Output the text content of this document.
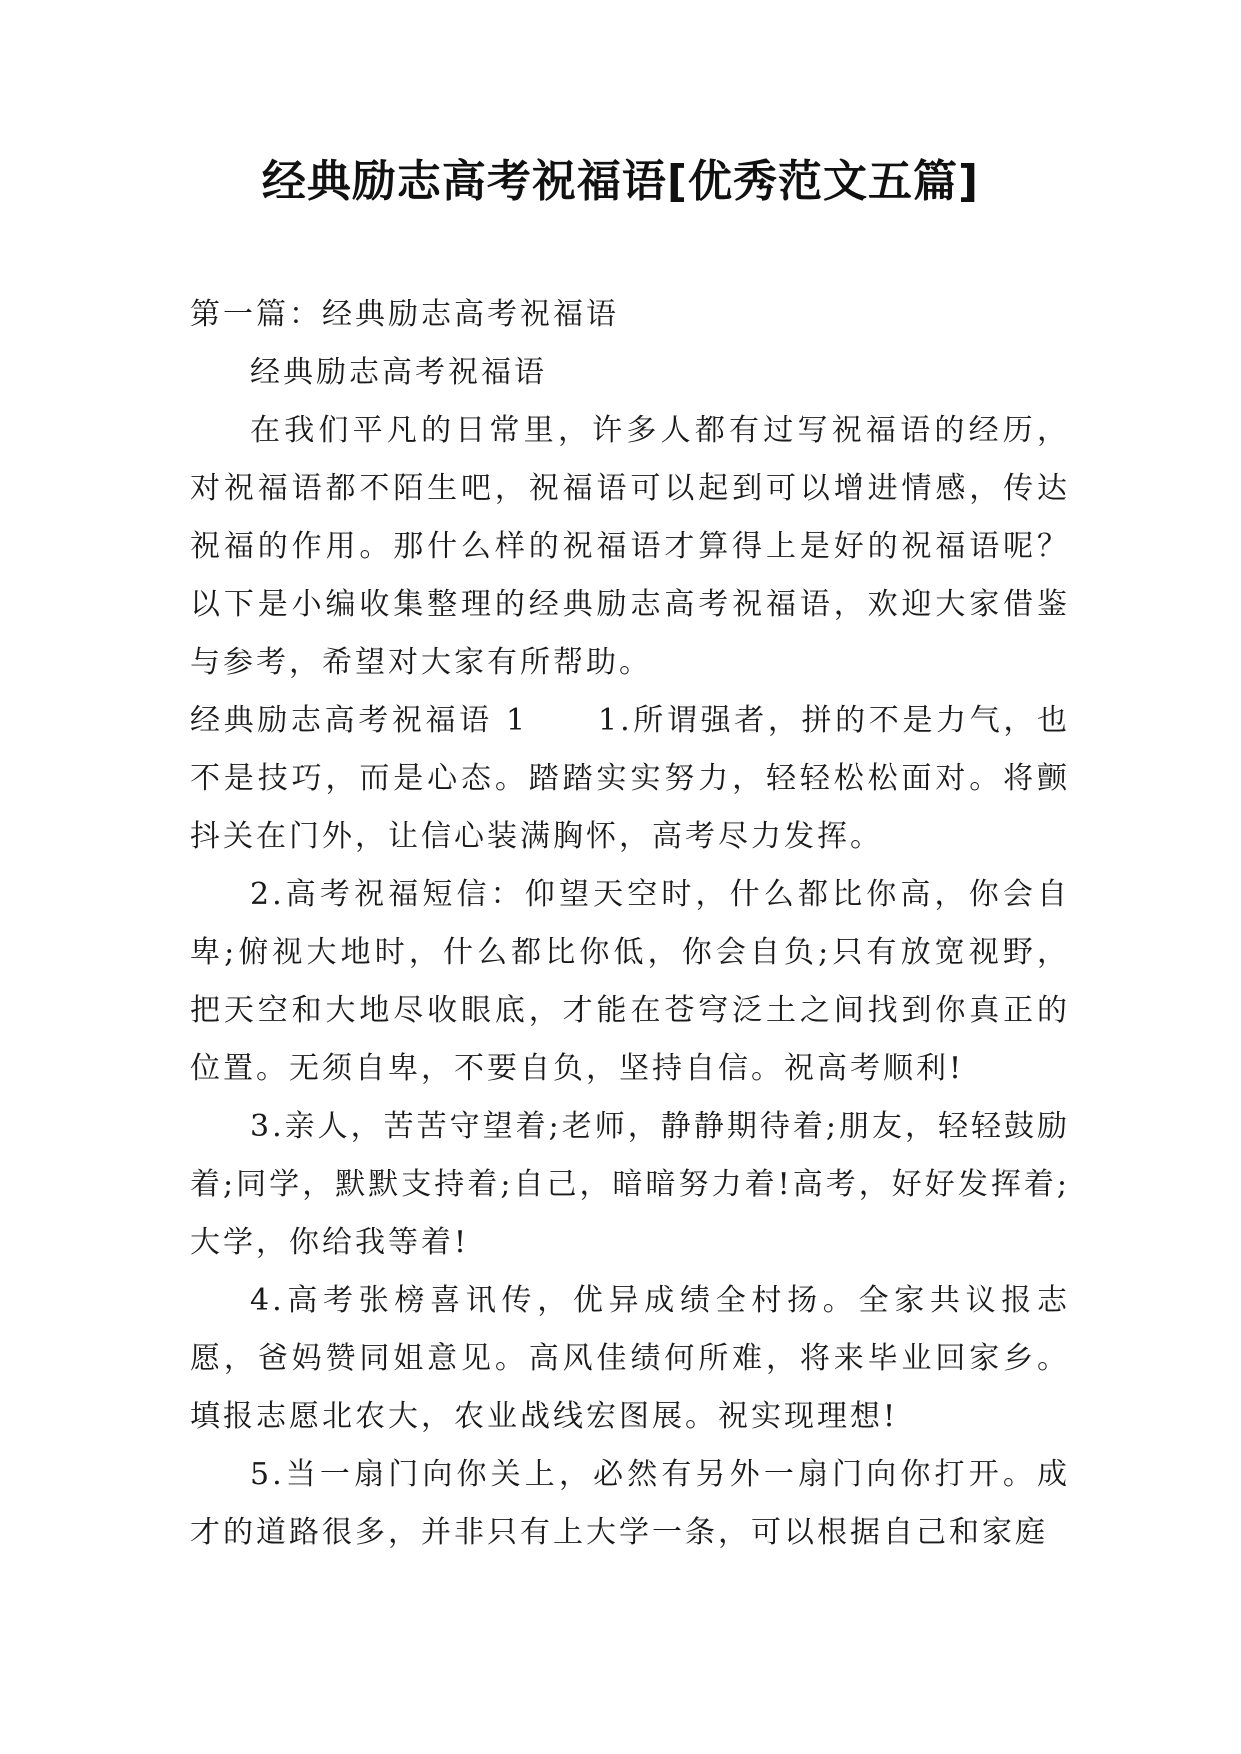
经典励志高考祝福语[优秀范文五篇]

第一篇：经典励志高考祝福语

经典励志高考祝福语

在我们平凡的日常里，许多人都有过写祝福语的经历，对祝福语都不陌生吧，祝福语可以起到可以增进情感，传达祝福的作用。那什么样的祝福语才算得上是好的祝福语呢？以下是小编收集整理的经典励志高考祝福语，欢迎大家借鉴与参考，希望对大家有所帮助。

经典励志高考祝福语 1 1.所谓强者，拼的不是力气，也不是技巧，而是心态。踏踏实实努力，轻轻松松面对。将颤抖关在门外，让信心装满胸怀，高考尽力发挥。

2.高考祝福短信：仰望天空时，什么都比你高，你会自卑;俯视大地时，什么都比你低，你会自负;只有放宽视野，把天空和大地尽收眼底，才能在苍穹泛土之间找到你真正的位置。无须自卑，不要自负，坚持自信。祝高考顺利!

3.亲人，苦苦守望着;老师，静静期待着;朋友，轻轻鼓励着;同学，默默支持着;自己，暗暗努力着!高考，好好发挥着;大学，你给我等着!

4.高考张榜喜讯传，优异成绩全村扬。全家共议报志愿，爸妈赞同姐意见。高风佳绩何所难，将来毕业回家乡。填报志愿北农大，农业战线宏图展。祝实现理想!

5.当一扇门向你关上，必然有另外一扇门向你打开。成才的道路很多，并非只有上大学一条，可以根据自己和家庭
